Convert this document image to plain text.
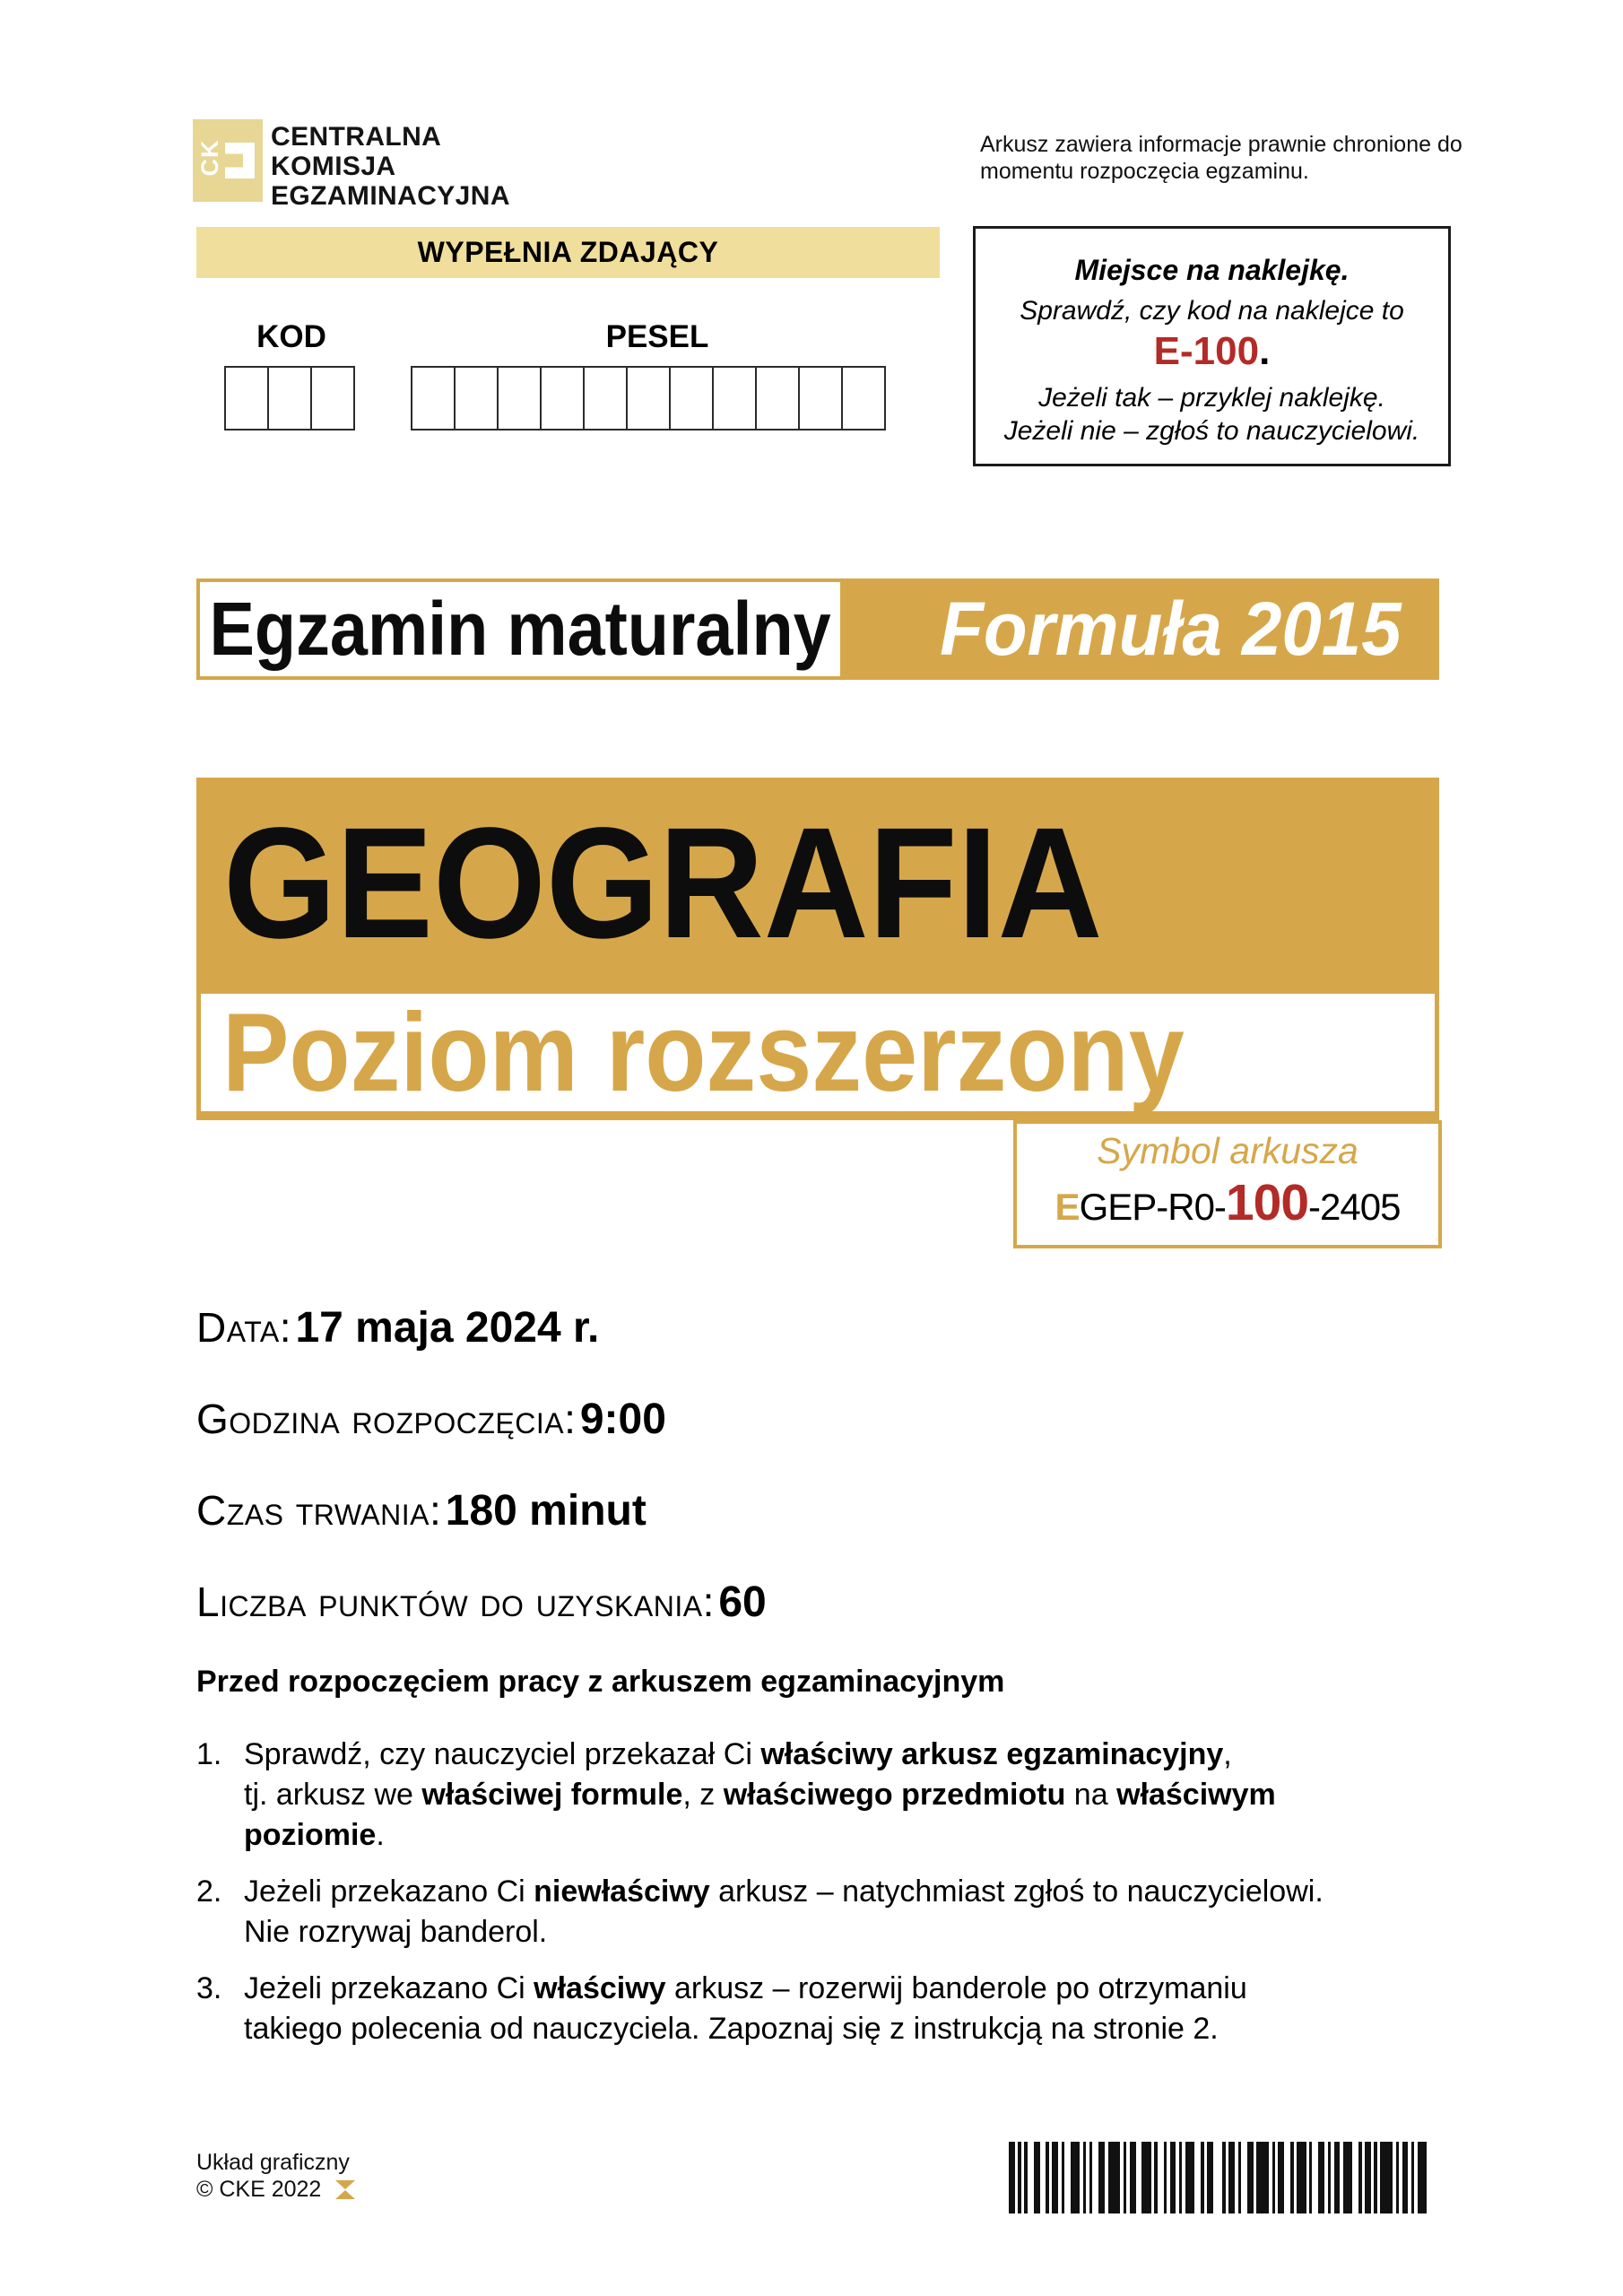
CK
CENTRALNA
KOMISJA
EGZAMINACYJNA
Arkusz zawiera informacje prawnie chronione do momentu rozpoczęcia egzaminu.
WYPEŁNIA ZDAJĄCY
KOD	PESEL
Miejsce na naklejkę.
Sprawdź, czy kod na naklejce to
E-100.
Jeżeli tak – przyklej naklejkę.
Jeżeli nie – zgłoś to nauczycielowi.
Egzamin maturalny Formuła 2015
GEOGRAFIA
Poziom rozszerzony
Symbol arkusza
EGEP-R0-100-2405
Data: 17 maja 2024 r.
Godzina rozpoczęcia: 9:00
Czas trwania: 180 minut
Liczba punktów do uzyskania: 60
Przed rozpoczęciem pracy z arkuszem egzaminacyjnym
1. Sprawdź, czy nauczyciel przekazał Ci właściwy arkusz egzaminacyjny,
tj. arkusz we właściwej formule, z właściwego przedmiotu na właściwym
poziomie.
2. Jeżeli przekazano Ci niewłaściwy arkusz – natychmiast zgłoś to nauczycielowi.
Nie rozrywaj banderol.
3. Jeżeli przekazano Ci właściwy arkusz – rozerwij banderole po otrzymaniu
takiego polecenia od nauczyciela. Zapoznaj się z instrukcją na stronie 2.
Układ graficzny
© CKE 2022
